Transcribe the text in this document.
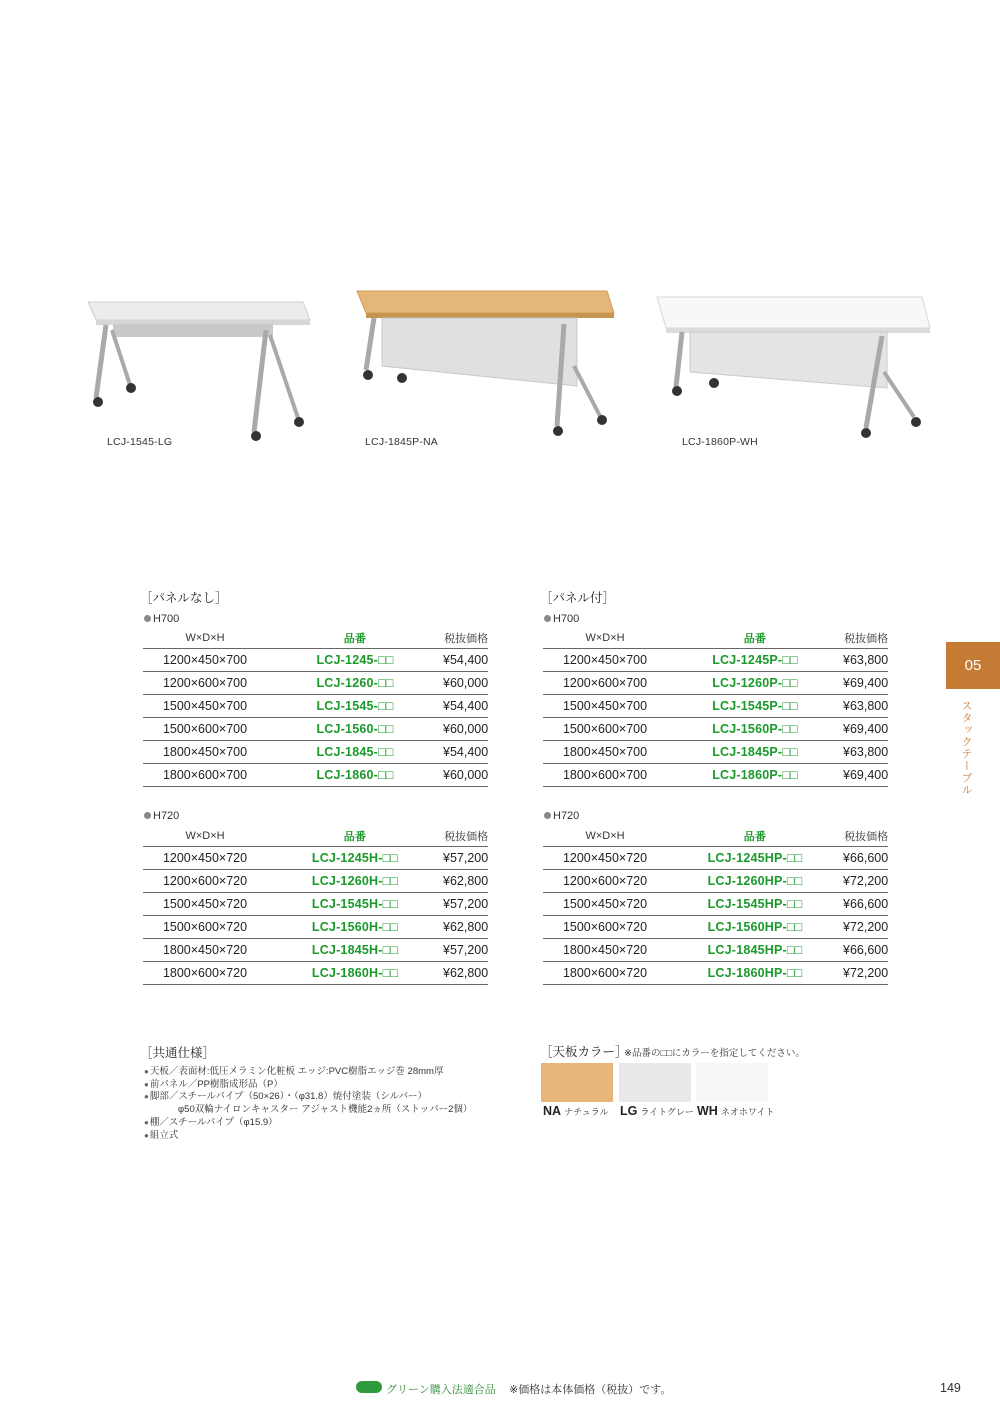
LCJ-1545-LG	LCJ-1845P-NA	LCJ-1860P-WH
［パネルなし］	［パネル付］
H700	H700
H720	H720
W×D×H	品番	税抜価格
1200×450×700	LCJ-1245-□□	¥54,400
1200×600×700	LCJ-1260-□□	¥60,000
1500×450×700	LCJ-1545-□□	¥54,400
1500×600×700	LCJ-1560-□□	¥60,000
1800×450×700	LCJ-1845-□□	¥54,400
1800×600×700	LCJ-1860-□□	¥60,000
W×D×H	品番	税抜価格
1200×450×700	LCJ-1245P-□□	¥63,800
1200×600×700	LCJ-1260P-□□	¥69,400
1500×450×700	LCJ-1545P-□□	¥63,800
1500×600×700	LCJ-1560P-□□	¥69,400
1800×450×700	LCJ-1845P-□□	¥63,800
1800×600×700	LCJ-1860P-□□	¥69,400
W×D×H	品番	税抜価格
1200×450×720	LCJ-1245H-□□	¥57,200
1200×600×720	LCJ-1260H-□□	¥62,800
1500×450×720	LCJ-1545H-□□	¥57,200
1500×600×720	LCJ-1560H-□□	¥62,800
1800×450×720	LCJ-1845H-□□	¥57,200
1800×600×720	LCJ-1860H-□□	¥62,800
W×D×H	品番	税抜価格
1200×450×720	LCJ-1245HP-□□	¥66,600
1200×600×720	LCJ-1260HP-□□	¥72,200
1500×450×720	LCJ-1545HP-□□	¥66,600
1500×600×720	LCJ-1560HP-□□	¥72,200
1800×450×720	LCJ-1845HP-□□	¥66,600
1800×600×720	LCJ-1860HP-□□	¥72,200
05
スタックテーブル
［共通仕様］
● 天板／表面材:低圧メラミン化粧板 エッジ:PVC樹脂エッジ巻 28mm厚
● 前パネル／PP樹脂成形品（P）
● 脚部／スチールパイプ（50×26）・（φ31.8）焼付塗装（シルバー）
φ50双輪ナイロンキャスター アジャスト機能2ヵ所（ストッパー2個）
● 棚／スチールパイプ（φ15.9）
● 組立式
［天板カラー］
※品番の□□にカラーを指定してください。
NA ナチュラル LG ライトグレー WH ネオホワイト
グリーン購入法適合品 ※価格は本体価格（税抜）です。	149
